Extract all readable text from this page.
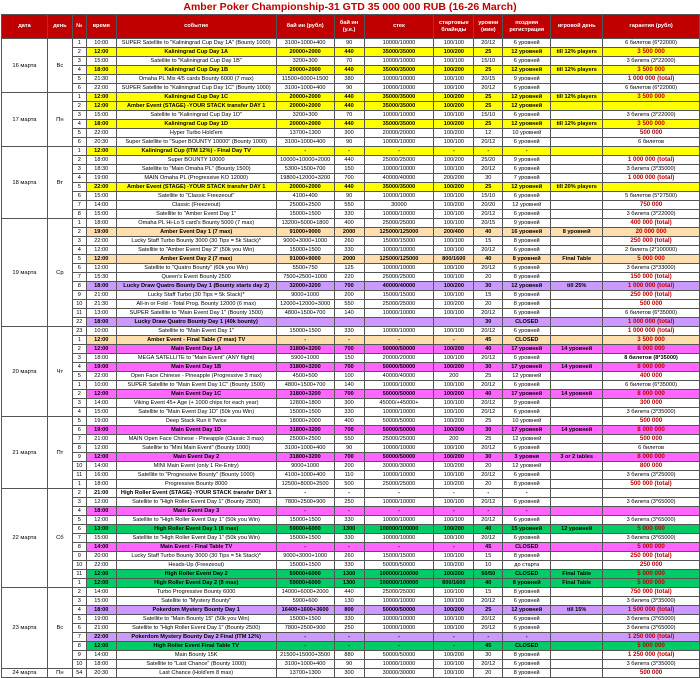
Amber Poker Championship-31 GTD 35 000 000 RUB (16-26 March)
дата	день	№	время	событие	бай ин (рубл)	бай ин (у.е.)	стек	стартовые блайнды	уровни (мин)	поздняя регистрация	игровой день	гарантия (рубл)
16 марта	Вс	1	10:00	SUPER Satellite to "Kaliningrad Cup Day 1A" (Bounty 1000)	3100+1000+400	90	10000/10000	100/100	20/12	6 уровней		6 билетов (6*22000)
		2	12:00	Kaliningrad Cup Day 1A	20000+2000	440	35000/35000	100/200	25	12 уровней	till 12% players	3 500 000
		3	15:00	Satellite to "Kaliningrad Cup Day 1B"	3200+300	70	10000/10000	100/100	15/10	6 уровней		3 билета (3*22000)
		4	18:00	Kaliningrad Cup Day 1B	20000+2000	440	35000/35000	100/200	25	12 уровней	till 12% players	3 500 000
		5	21:30	Omaha PL Mix 4/5 cards Bounty 6000 (7 max)	11500+6000+1500	380	10000/10000	100/100	20/15	9 уровней		1 000 000 (total)
		6	22:00	SUPER Satellite to "Kaliningrad Cup Day 1C" (Bounty 1000)	3100+1000+400	90	10000/10000	100/100	20/12	6 уровней		6 билетов (6*22000)
17 марта	Пн	1	12:00	Kaliningrad Cup Day 1C	20000+2000	440	35000/35000	100/200	25	12 уровней	till 12% players	3 500 000
		2	12:00	Amber Event (STAGE) -YOUR STACK transfer DAY 1	20000+2000	440	35000/35000	100/200	25	12 уровней		
		3	15:00	Satellite to "Kaliningrad Cup Day 1D"	3200+300	70	10000/10000	100/100	15/10	6 уровней		3 билета (3*22000)
		4	18:00	Kaliningrad Cup Day 1D	20000+2000	440	35000/35000	100/200	25	12 уровней	till 12% players	3 500 000
		5	22:00	Hyper Turbo Hold'em	13700+1300	300	20000/20000	100/200	12	10 уровней		500 000
		6	20:30	Super Satellite to "Super BOUNTY 10000" (Bounty 1000)	3100+1000+400	90	10000/10000	100/100	20/12	6 уровней		6 билетов
18 марта	Вт	1	12:00	Kaliningrad Cup (ITM 12%) - Final Day TV	-	-	-	-	-	-		
		2	18:00	Super BOUNTY 10000	10000+10000+2000	440	25000/25000	100/200	25/20	9 уровней		1 000 000 (total)
		3	18:30	Satellite to "Main Omaha PL" (Bounty 1500)	5300+1500+700	150	10000/10000	100/100	20/12	6 уровней		3 билета (3*35000)
		4	19:00	MAIN Omaha PL (Progressive KO 12000)	19800+12000+3200	700	40000/40000	200/200	30	7 уровней		1 000 000 (total)
		5	22:00	Amber Event (STAGE) -YOUR STACK transfer DAY 1	20000+2000	440	35000/35000	100/200	25	12 уровней	till 20% players	
		6	15:00	Satellite to "Classic Freezeout"	4100+400	90	10000/10000	100/100	15/10	6 уровней		5 билетов (5*27500)
		7	14:00	Classic (Freezeout)	25000+2500	550	30000	100/200	20/20	12 уровней		750 000
		8	15:00	Satellite to "Amber Event Day 1"	15000+1500	330	10000/10000	100/100	20/12	6 уровней		3 билета (3*22000)
19 марта	Ср	1	18:00	Omaha PL Hi-Lo 5 card's Bounty 5000 (7 max)	13200+5000+1800	400	25000/25000	100/100	20/15	9 уровней		400 000 (total)
		2	19:00	Amber Event Day 1 (7 max)	91000+9000	2000	125000/125000	200/400	40	16 уровней	8 уровней	20 000 000
		3	22:00	Lucky Staff Turbo Bounty 3000 (30 Tips = 5k Stack)*	9000+3000+1000	260	15000/15000	100/100	15	8 уровней		250 000 (total)
		4	12:00	Satellite to "Amber Event Day 2" (50k you Win)	15000+1500	330	10000/10000	100/100	20/12	6 уровней		2 билета (2*100000)
		5	12:00	Amber Event Day 2 (7 max)	91000+9000	2000	125000/125000	800/1600	40	8 уровней	Final Table	5 000 000
		6	12:00	Satellite to "Quatro Bounty" (60k you Win)	5500+750	125	10000/10000	100/100	20/12	6 уровней		3 билета (3*33000)
		7	15:30	Queen's Event Bounty 2500	7500+2500+1000	220	25000/25000	100/100	20	8 уровней		150 000 (total)
		8	18:00	Lucky Draw Quatro Bounty Day 1 (Bounty starts day 2)	32000+3200	700	40000/40000	100/200	30	12 уровней	till 25%	1 000 000 (total)
		9	21:00	Lucky Staff Turbo (30 Tips = 5k Stack)*	9000+1000	200	15000/15000	100/100	15	8 уровней		250 000 (total)
		10	21:30	All-in or Fold - Total Prog. Bounty 12000 (6 max)	12000+12000+3000	550	25000/25000	100/200	20	8 уровней		500 000
		11	13:00	SUPER Satellite to "Main Event Day 1" (Bounty 1500)	4800+1500+700	140	10000/10000	100/100	20/12	6 уровней		6 билетов (6*35000)
		22	18:00	Lucky Draw Quatro Bounty Day 1 (40k bounty)					30	CLOSED		1 000 000 (total)
20 марта	Чт	23	10:00	Satellite to "Main Event Day 1"	15000+1500	330	10000/10000	100/100	20/12	6 уровней		1 000 000 (total)
		1	12:00	Amber Event - Final Table (7 max) TV	-	-	-	-	45	CLOSED		3 500 000
		2	12:00	Main Event Day 1A	31800+3200	700	50000/50000	100/200	40	17 уровней	14 уровней	8 000 000
		3	18:00	MEGA SATELLITE to "Main Event" (ANY flight)	5900+1000	150	20000/20000	100/100	20/12	6 уровней		8 билетов (8*35000)
		4	19:00	Main Event Day 1B	31800+3200	700	50000/50000	100/200	30	17 уровней	14 уровней	8 000 000
		5	22:00	Open Face Chinese - Pineapple (Progressive 3 max)	4500+500	100	40000/40000	200	25	12 уровней		400 000
		1	10:00	SUPER Satellite to "Main Event Day 1C" (Bounty 1500)	4800+1500+700	140	10000/10000	100/100	20/12	6 уровней		6 билетов (6*35000)
		2	12:00	Main Event Day 1C	31800+3200	700	50000/50000	100/200	40	17 уровней	14 уровней	8 000 000
		3	14:00	Viking Event 45+ Age (+ 1000 chips for each year)	12800+1800	300	45000/+45000+	100/100	20/12	9 уровней		300 000
		4	15:00	Satellite to "Main Event Day 1D" (50k you Win)	15000+1500	330	10000/10000	100/100	20/12	6 уровней		3 билета (3*35000)
21 марта	Пт	5	19:00	Deep Stack Run it Twice	18000+2000	400	50000/50000	100/200	25	10 уровней		500 000
		6	19:00	Main Event Day 1D	31800+3200	700	50000/50000	100/200	30	17 уровней	14 уровней	8 000 000
		7	21:00	MAIN Open Face Chinese - Pineapple (Classic 3 max)	25000+2500	550	25000/25000	200	25	12 уровней		500 000
		8	12:00	Satellite to "Mini Main Event" (Bounty 1000)	3100+1000+400	90	10000/10000	100/100	20/12	6 уровней		6 билетов
		9	12:00	Main Event Day 2	31800+3200	700	50000/50000	100/200	30	3 уровня	3 or 2 tables	8 000 000
		10	14:00	MINI Main Event (only 1 Re-Entry)	9000+1000	200	30000/30000	100/200	20	12 уровней		800 000
		11	16:00	Satellite to "Progressive Bounty" (Bounty 1000)	4100+1000+400	110	10000/10000	100/100	20/12	6 уровней		3 билета (3*25000)
		1	18:00	Progressive Bounty 8000	12500+8000+2500	500	25000/25000	100/200	20	8 уровней		500 000 (total)
22 марта	Сб	2	21:00	High Roller Event (STAGE) -YOUR STACK transfer DAY 1	-	-	-	-	-	-		
		3	12:00	Satellite to "High Roller Event Day 1" (Bounty 2500)	7800+2500+900	250	10000/10000	100/100	20/12	6 уровней		3 билета (3*65000)
		4	18:00	Main Event Day 3	-	-	-	-	-	-		
		5	12:00	Satellite to "High Roller Event Day 1" (50k you Win)	15000+1500	330	10000/10000	100/100	20/12	6 уровней		3 билета (3*65000)
		6	13:00	High Roller Event Day 1 (8 max)	59000+6000	1300	100000/100000	100/200	40	15 уровней	12 уровней	5 000 000
		7	15:00	Satellite to "High Roller Event Day 1" (50k you Win)	15000+1500	330	10000/10000	100/100	20/12	6 уровней		3 билета (3*65000)
		8	14:00	Main Event - Final Table TV	-	-	-	-	45	CLOSED		5 000 000
		9	20:00	Lucky Staff Turbo Bounty 3000 (30 Tips = 5k Stack)*	9000+3000+1000	260	15000/15000	100/100	15	8 уровней		250 000 (total)
		10	22:00	Heads-Up (Freezeout)	15000+1500	330	50000/50000	100/200	10	до старта		250 000
		11	12:00	High Roller Event Day 2	59000+6000	1300	100000/100000	100/200	50/50	CLOSED	Final Table	5 000 000
		1	12:00	High Roller Event Day 2 (8 max)	59000+6000	1300	100000/100000	800/1600	40	8 уровней	Final Table	5 000 000
23 марта	Вс	2	14:00	Turbo Progressive Bounty 6000	14000+6000+2000	440	25000/25000	100/100	15	8 уровней		750 000 (total)
		3	15:00	Satellite to "Mystery Bounty"	5900+600	130	10000/10000	100/100	20/12	6 уровней		3 билета (3*35000)
		4	18:00	Pokerdom Mystery Bounty Day 1	16400+1600+3600	800	50000/50000	100/200	25	12 уровней	till 15%	1 500 000 (total)
		5	19:00	Satellite to "Main Bounty 15" (50k you Win)	15000+1500	330	10000/10000	100/100	20/12	6 уровней		3 билета (3*65000)
		6	21:00	Satellite to "High Roller Event Day 1" (Bounty 2500)	7800+2500+900	250	10000/10000	100/100	20/12	6 уровней		3 билета (3*65000)
		7	22:00	Pokerdom Mystery Bounty Day 2 Final (ITM 12%)	-	-	-	-	-	-		1 250 000 (total)
		8	12:00	High Roller Event Final Table TV	-	-	-	-	45	CLOSED		5 000 000
		9	14:00	Main Bounty 15K	21500+15000+3500	880	50000/50000	100/200	30	8 уровней		1 250 000 (total)
		10	18:00	Satellite to "Last Chance" (Bounty 1000)	3100+1000+400	90	10000/10000	100/100	20/12	6 уровней		3 билета (3*35000)
24 марта	Пн	54	20:30	Last Chance (Hold'em 8 max)	13700+1300	300	30000/30000	100/100	20	8 уровней		500 000
